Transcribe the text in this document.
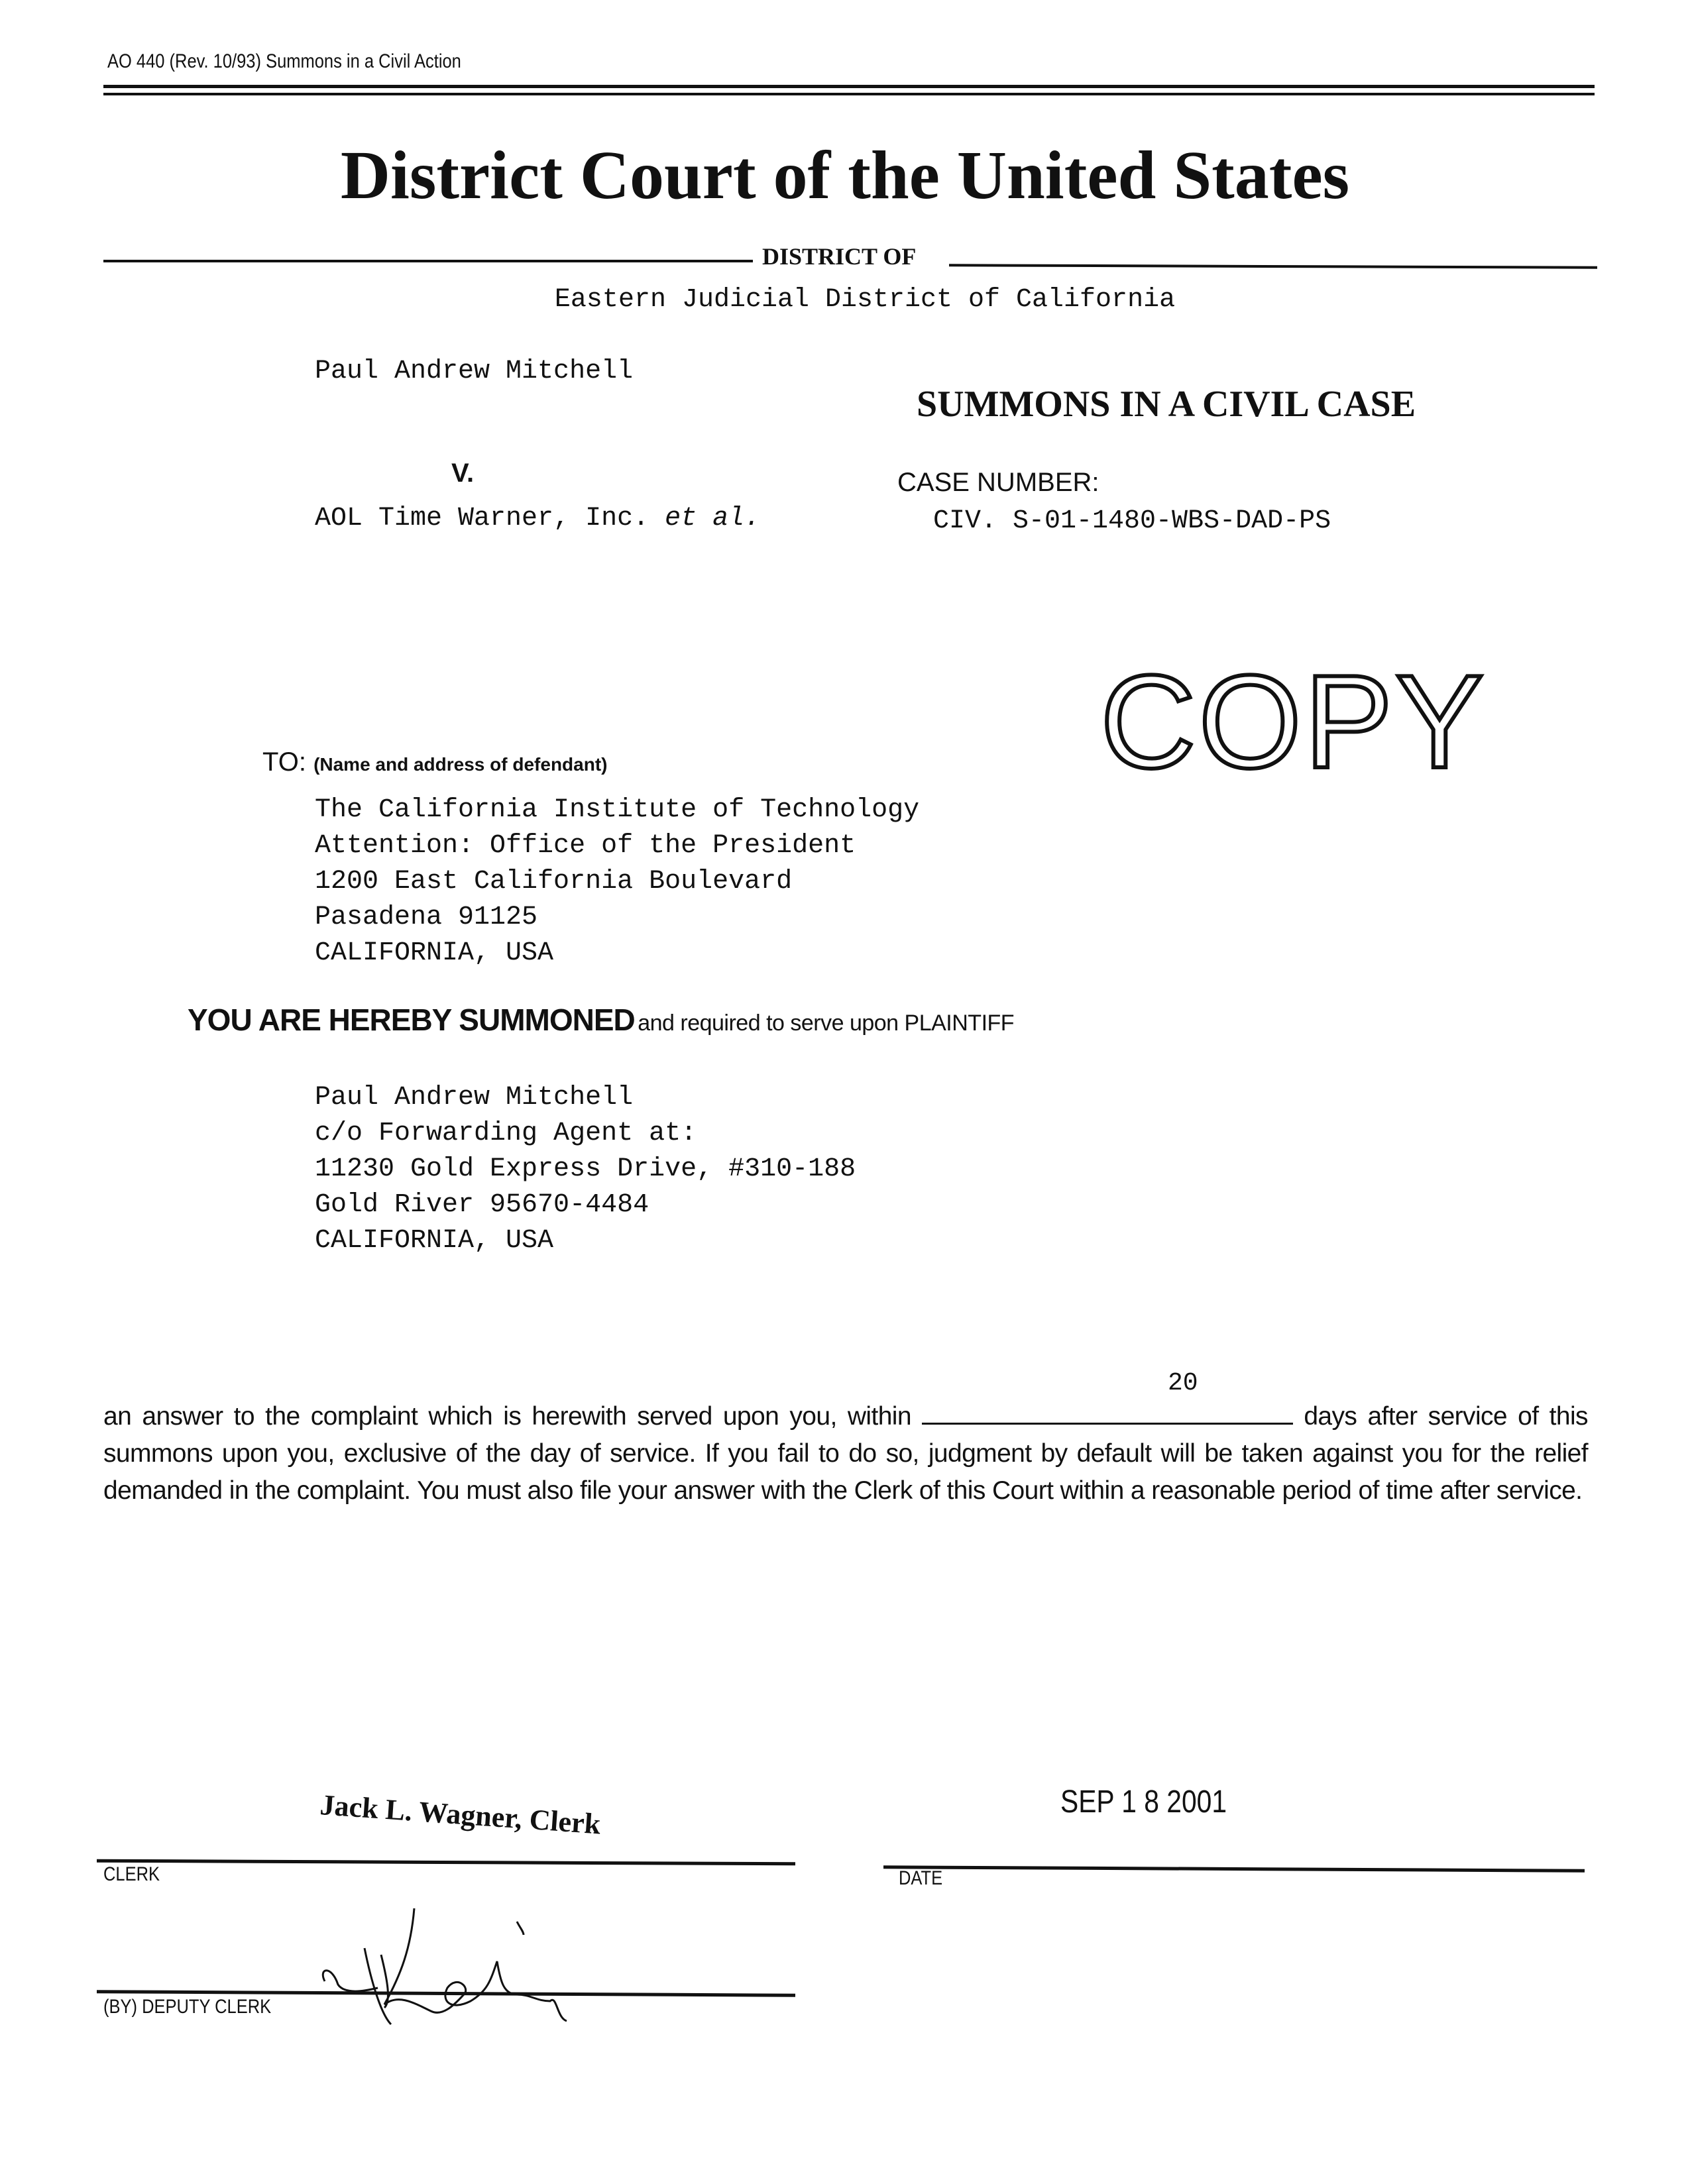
AO 440 (Rev. 10/93) Summons in a Civil Action
District Court of the United States
DISTRICT OF
Eastern Judicial District of California
Paul Andrew Mitchell
SUMMONS IN A CIVIL CASE
V.	CASE NUMBER:
AOL Time Warner, Inc. et al.	CIV. S-01-1480-WBS-DAD-PS
COPY
TO: (Name and address of defendant)
The California Institute of Technology
Attention: Office of the President
1200 East California Boulevard
Pasadena 91125
CALIFORNIA, USA
YOU ARE HEREBY SUMMONED and required to serve upon PLAINTIFF
Paul Andrew Mitchell
c/o Forwarding Agent at:
11230 Gold Express Drive, #310-188
Gold River 95670-4484
CALIFORNIA, USA
20
an answer to the complaint which is herewith served upon you, within	days after service of this summons upon you, exclusive of the day of service. If you fail to do so, judgment by default will be taken against you for the relief demanded in the complaint. You must also file your answer with the Clerk of this Court within a reasonable period of time after service.
Jack L. Wagner, Clerk	SEP 1 8 2001
CLERK	DATE
(BY) DEPUTY CLERK
